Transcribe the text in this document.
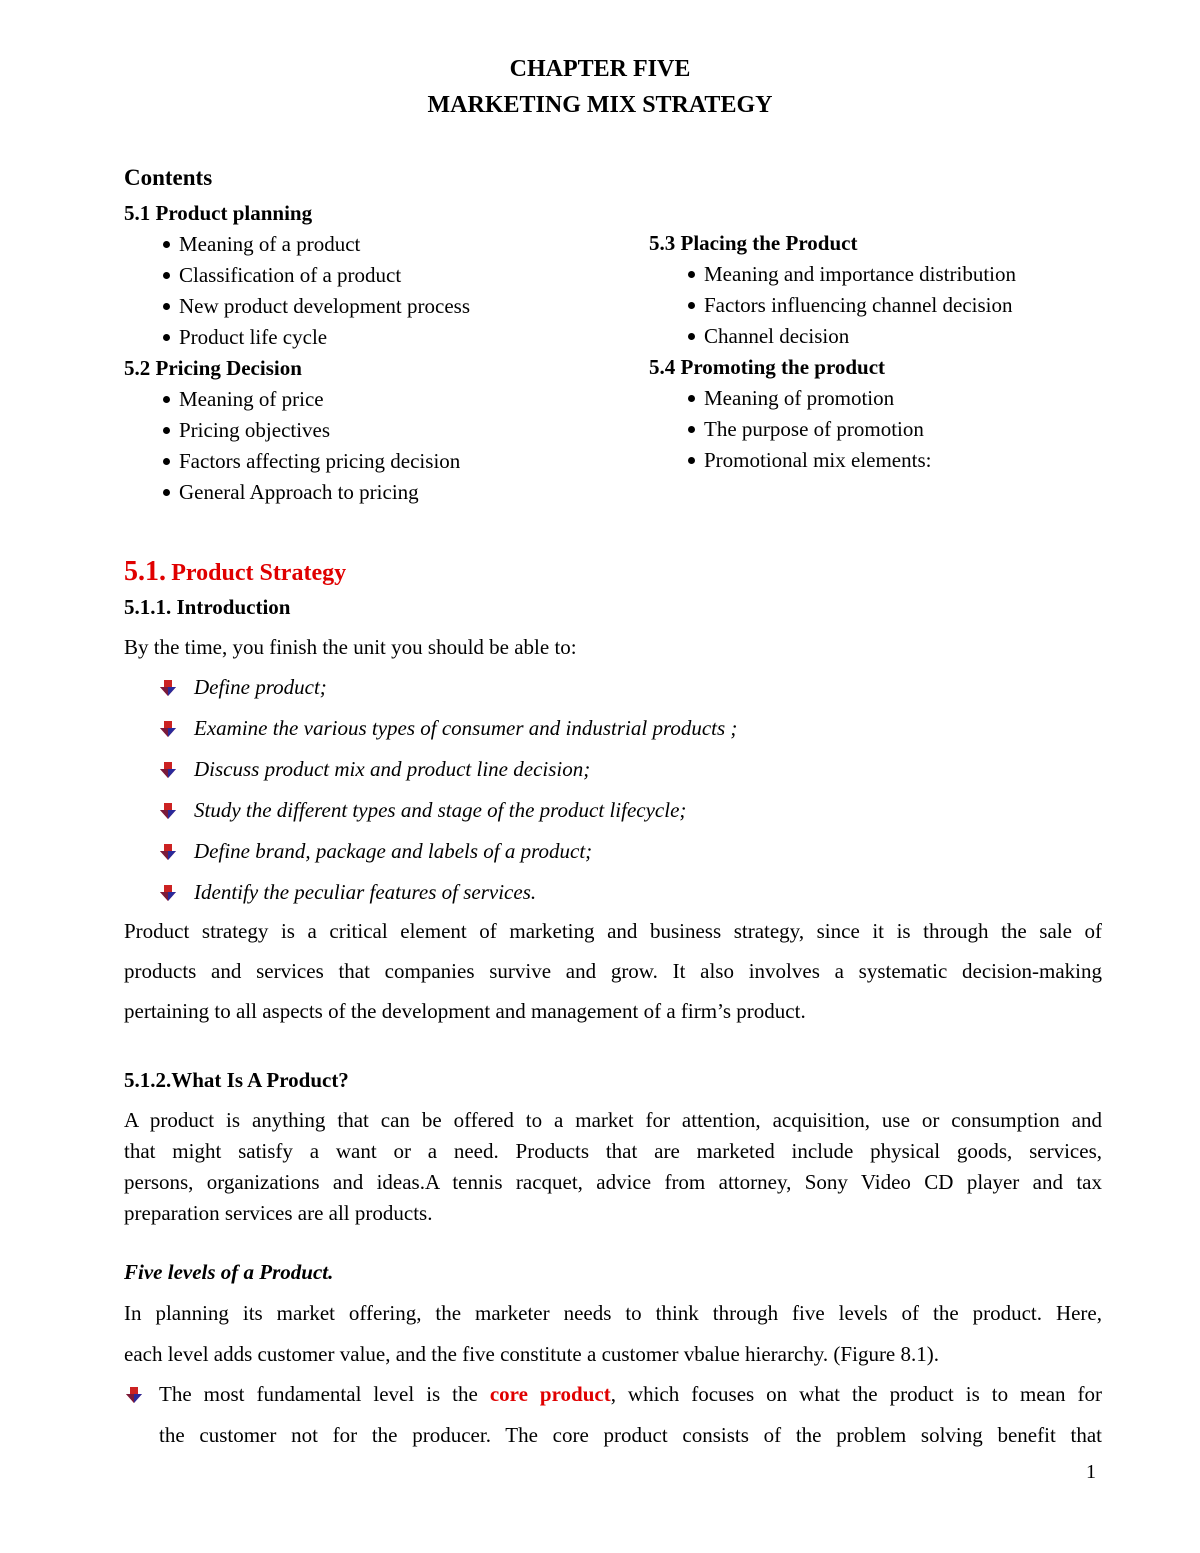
CHAPTER FIVE
MARKETING MIX STRATEGY
Contents
5.1 Product planning
Meaning of a product
Classification of a product
New product development process
Product life cycle
5.2 Pricing Decision
Meaning of price
Pricing objectives
Factors affecting pricing decision
General Approach to pricing
5.3 Placing the Product
Meaning and importance distribution
Factors influencing channel decision
Channel decision
5.4 Promoting the product
Meaning of promotion
The purpose of promotion
Promotional mix elements:
5.1. Product Strategy
5.1.1. Introduction
By the time, you finish the unit you should be able to:
Define product;
Examine the various types of consumer and industrial products ;
Discuss product mix and product line decision;
Study the different types and stage of the product lifecycle;
Define brand, package and labels of a product;
Identify the peculiar features of services.
Product strategy is a critical element of marketing and business strategy, since it is through the sale of
products and services that companies survive and grow. It also involves a systematic decision-making
pertaining to all aspects of the development and management of a firm’s product.
5.1.2.What Is A Product?
A product is anything that can be offered to a market for attention, acquisition, use or consumption and
that might satisfy a want or a need. Products that are marketed include physical goods, services,
persons, organizations and ideas.A tennis racquet, advice from attorney, Sony Video CD player and tax
preparation services are all products.
Five levels of a Product.
In planning its market offering, the marketer needs to think through five levels of the product. Here,
each level adds customer value, and the five constitute a customer vbalue hierarchy. (Figure 8.1).
The most fundamental level is the core product, which focuses on what the product is to mean for
the customer not for the producer. The core product consists of the problem solving benefit that
1
